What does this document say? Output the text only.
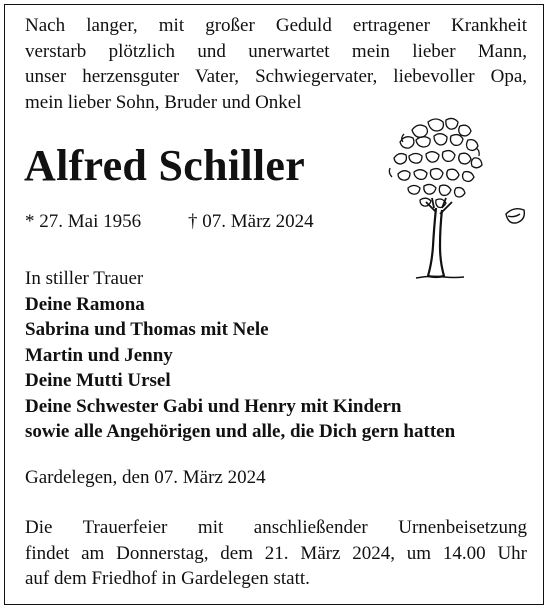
Nach langer, mit großer Geduld ertragener Krankheit
verstarb plötzlich und unerwartet mein lieber Mann,
unser herzensguter Vater, Schwiegervater, liebevoller Opa,
mein lieber Sohn, Bruder und Onkel
Alfred Schiller
* 27. Mai 1956 † 07. März 2024
In stiller Trauer
Deine Ramona
Sabrina und Thomas mit Nele
Martin und Jenny
Deine Mutti Ursel
Deine Schwester Gabi und Henry mit Kindern
sowie alle Angehörigen und alle, die Dich gern hatten
Gardelegen, den 07. März 2024
Die Trauerfeier mit anschließender Urnenbeisetzung
findet am Donnerstag, dem 21. März 2024, um 14.00 Uhr
auf dem Friedhof in Gardelegen statt.
